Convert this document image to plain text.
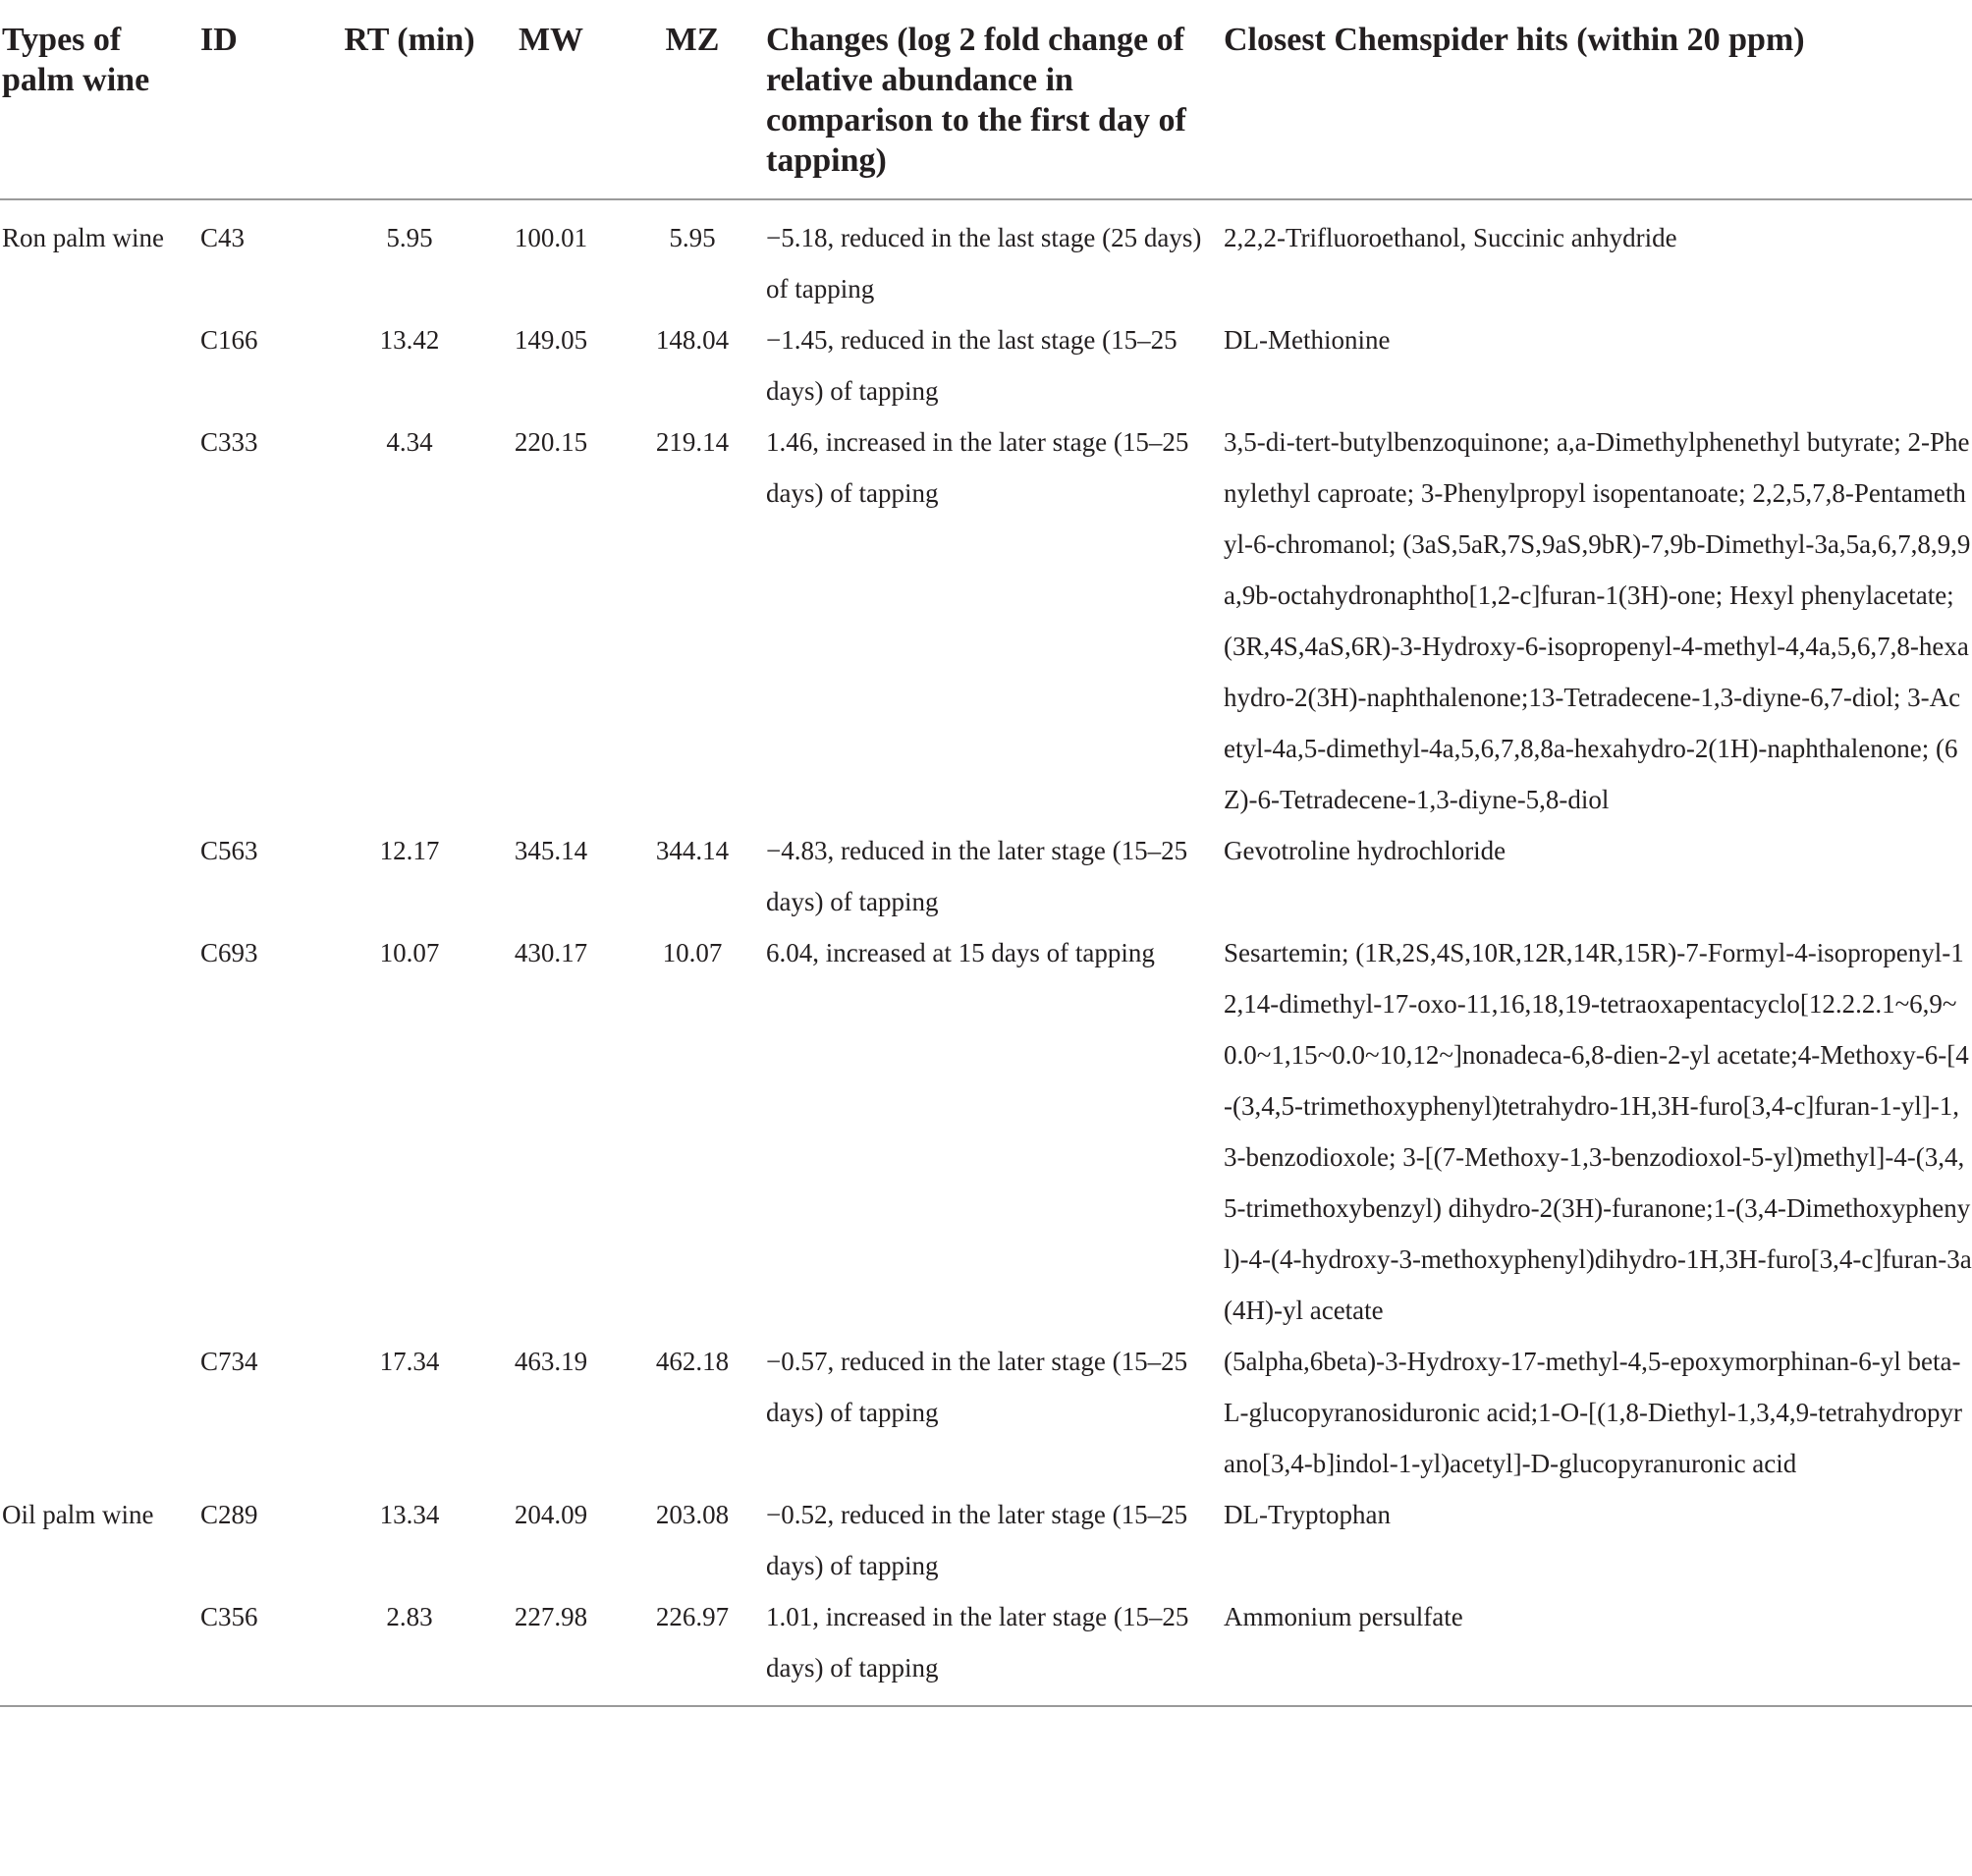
Types of palm wine	ID	RT (min)	MW	MZ	Changes (log 2 fold change of relative abundance in comparison to the first day of tapping)	Closest Chemspider hits (within 20 ppm)
Ron palm wine	C43	5.95	100.01	5.95	−5.18, reduced in the last stage (25 days) of tapping	2,2,2-Trifluoroethanol, Succinic anhydride
	C166	13.42	149.05	148.04	−1.45, reduced in the last stage (15–25 days) of tapping	DL-Methionine
	C333	4.34	220.15	219.14	1.46, increased in the later stage (15–25 days) of tapping	3,5-di-tert-butylbenzoquinone; a,a-Dimethylphenethyl butyrate; 2-Phenylethyl caproate; 3-Phenylpropyl isopentanoate; 2,2,5,7,8-Pentamethyl-6-chromanol; (3aS,5aR,7S,9aS,9bR)-7,9b-Dimethyl-3a,5a,6,7,8,9,9a,9b-octahydronaphtho[1,2-c]furan-1(3H)-one; Hexyl phenylacetate;(3R,4S,4aS,6R)-3-Hydroxy-6-isopropenyl-4-methyl-4,4a,5,6,7,8-hexahydro-2(3H)-naphthalenone;13-Tetradecene-1,3-diyne-6,7-diol; 3-Acetyl-4a,5-dimethyl-4a,5,6,7,8,8a-hexahydro-2(1H)-naphthalenone; (6Z)-6-Tetradecene-1,3-diyne-5,8-diol
	C563	12.17	345.14	344.14	−4.83, reduced in the later stage (15–25 days) of tapping	Gevotroline hydrochloride
	C693	10.07	430.17	10.07	6.04, increased at 15 days of tapping	Sesartemin; (1R,2S,4S,10R,12R,14R,15R)-7-Formyl-4-isopropenyl-12,14-dimethyl-17-oxo-11,16,18,19-tetraoxapentacyclo[12.2.2.1~6,9~0.0~1,15~0.0~10,12~]nonadeca-6,8-dien-2-yl acetate;4-Methoxy-6-[4-(3,4,5-trimethoxyphenyl)tetrahydro-1H,3H-furo[3,4-c]furan-1-yl]-1,3-benzodioxole; 3-[(7-Methoxy-1,3-benzodioxol-5-yl)methyl]-4-(3,4,5-trimethoxybenzyl) dihydro-2(3H)-furanone;1-(3,4-Dimethoxyphenyl)-4-(4-hydroxy-3-methoxyphenyl)dihydro-1H,3H-furo[3,4-c]furan-3a(4H)-yl acetate
	C734	17.34	463.19	462.18	−0.57, reduced in the later stage (15–25 days) of tapping	(5alpha,6beta)-3-Hydroxy-17-methyl-4,5-epoxymorphinan-6-yl beta-L-glucopyranosiduronic acid;1-O-[(1,8-Diethyl-1,3,4,9-tetrahydropyrano[3,4-b]indol-1-yl)acetyl]-D-glucopyranuronic acid
Oil palm wine	C289	13.34	204.09	203.08	−0.52, reduced in the later stage (15–25 days) of tapping	DL-Tryptophan
	C356	2.83	227.98	226.97	1.01, increased in the later stage (15–25 days) of tapping	Ammonium persulfate
